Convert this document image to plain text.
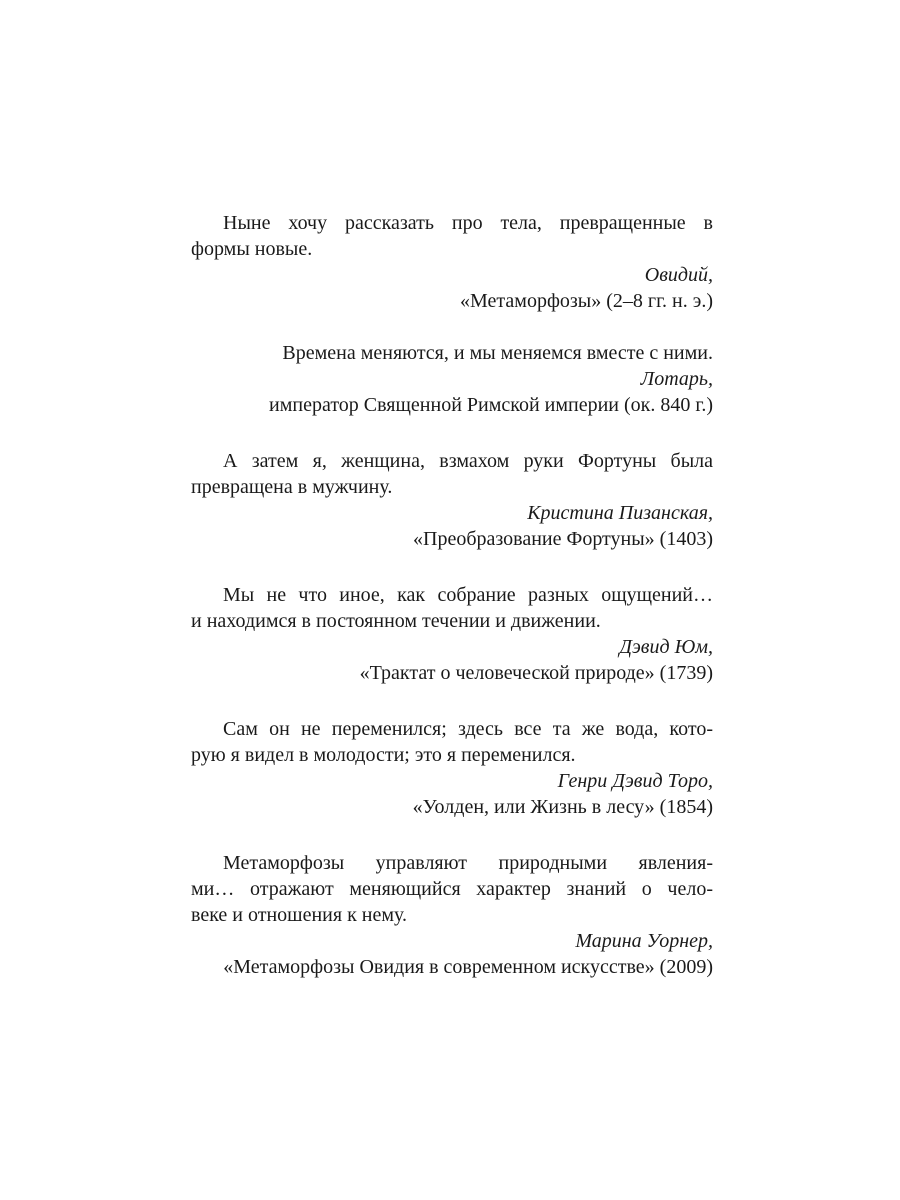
Ныне хочу рассказать про тела, превращенные в
формы новые.

Овидий,

«Метаморфозы» (2–8 гг. н. э.)

Времена меняются, и мы меняемся вместе с ними.

Лотарь,

император Священной Римской империи (ок. 840 г.)

А затем я, женщина, взмахом руки Фортуны была
превращена в мужчину.

Кристина Пизанская,

«Преобразование Фортуны» (1403)

Мы не что иное, как собрание разных ощущений…
и находимся в постоянном течении и движении.

Дэвид Юм,

«Трактат о человеческой природе» (1739)

Сам он не переменился; здесь все та же вода, кото-
рую я видел в молодости; это я переменился.

Генри Дэвид Торо,

«Уолден, или Жизнь в лесу» (1854)

Метаморфозы управляют природными явления-
ми… отражают меняющийся характер знаний о чело-
веке и отношения к нему.

Марина Уорнер,

«Метаморфозы Овидия в современном искусстве» (2009)
